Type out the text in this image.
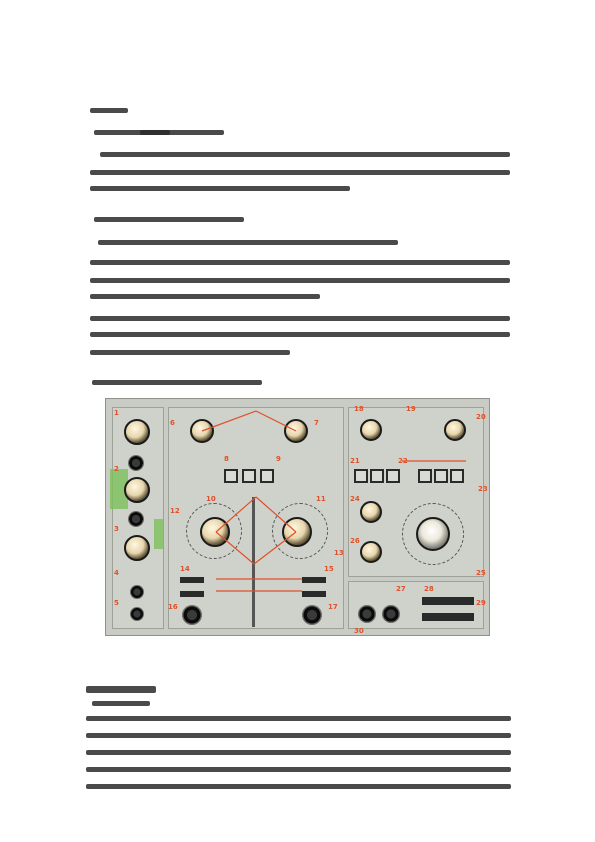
1
2
3
4
5
6	7
8	9
10	11
12
13
14	15
16	17
18	19
20
21	22
23
24
25
26
27	28
29
30
